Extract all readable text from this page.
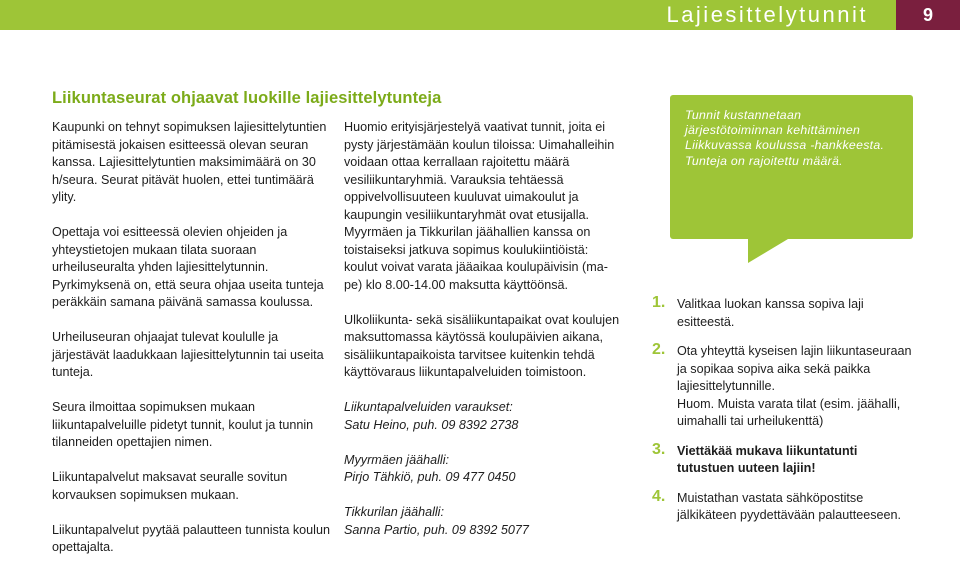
Lajiesittelytunnit	9
Liikuntaseurat ohjaavat luokille lajiesittelytunteja

Kaupunki on tehnyt sopimuksen lajiesittelytuntien pitämisestä jokaisen esitteessä olevan seuran kanssa. Lajiesittelytuntien maksimimäärä on 30 h/seura. Seurat pitävät huolen, ettei tuntimäärä ylity.

Opettaja voi esitteessä olevien ohjeiden ja yhteystietojen mukaan tilata suoraan urheiluseuralta yhden lajiesittelytunnin. Pyrkimyksenä on, että seura ohjaa useita tunteja peräkkäin samana päivänä samassa koulussa.

Urheiluseuran ohjaajat tulevat koululle ja järjestävät laadukkaan lajiesittelytunnin tai useita tunteja.

Seura ilmoittaa sopimuksen mukaan liikuntapalveluille pidetyt tunnit, koulut ja tunnin tilanneiden opettajien nimen.

Liikuntapalvelut maksavat seuralle sovitun korvauksen sopimuksen mukaan.

Liikuntapalvelut pyytää palautteen tunnista koulun opettajalta.

Huomio erityisjärjestelyä vaativat tunnit, joita ei pysty järjestämään koulun tiloissa: Uimahalleihin voidaan ottaa kerrallaan rajoitettu määrä vesiliikuntaryhmiä. Varauksia tehtäessä oppivelvollisuuteen kuuluvat uimakoulut ja kaupungin vesiliikuntaryhmät ovat etusijalla. Myyrmäen ja Tikkurilan jäähallien kanssa on toistaiseksi jatkuva sopimus koulukiintiöistä: koulut voivat varata jääaikaa koulupäivisin (ma-pe) klo 8.00-14.00 maksutta käyttöönsä.

Ulkoliikunta- sekä sisäliikuntapaikat ovat koulujen maksuttomassa käytössä koulupäivien aikana, sisäliikuntapaikoista tarvitsee kuitenkin tehdä käyttövaraus liikuntapalveluiden toimistoon.

Liikuntapalveluiden varaukset:

Satu Heino, puh. 09 8392 2738

Myyrmäen jäähalli:

Pirjo Tähkiö, puh. 09 477 0450

Tikkurilan jäähalli:

Sanna Partio, puh. 09 8392 5077

Tunnit kustannetaan järjestötoiminnan kehittäminen Liikkuvassa koulussa -hankkeesta. Tunteja on rajoitettu määrä.
1. Valitkaa luokan kanssa sopiva laji esitteestä.
2. Ota yhteyttä kyseisen lajin liikuntaseuraan ja sopikaa sopiva aika sekä paikka lajiesittelytunnille.
Huom. Muista varata tilat (esim. jäähalli, uimahalli tai urheilukenttä)
3. Viettäkää mukava liikuntatunti tutustuen uuteen lajiin!
4. Muistathan vastata sähköpostitse jälkikäteen pyydettävään palautteeseen.
